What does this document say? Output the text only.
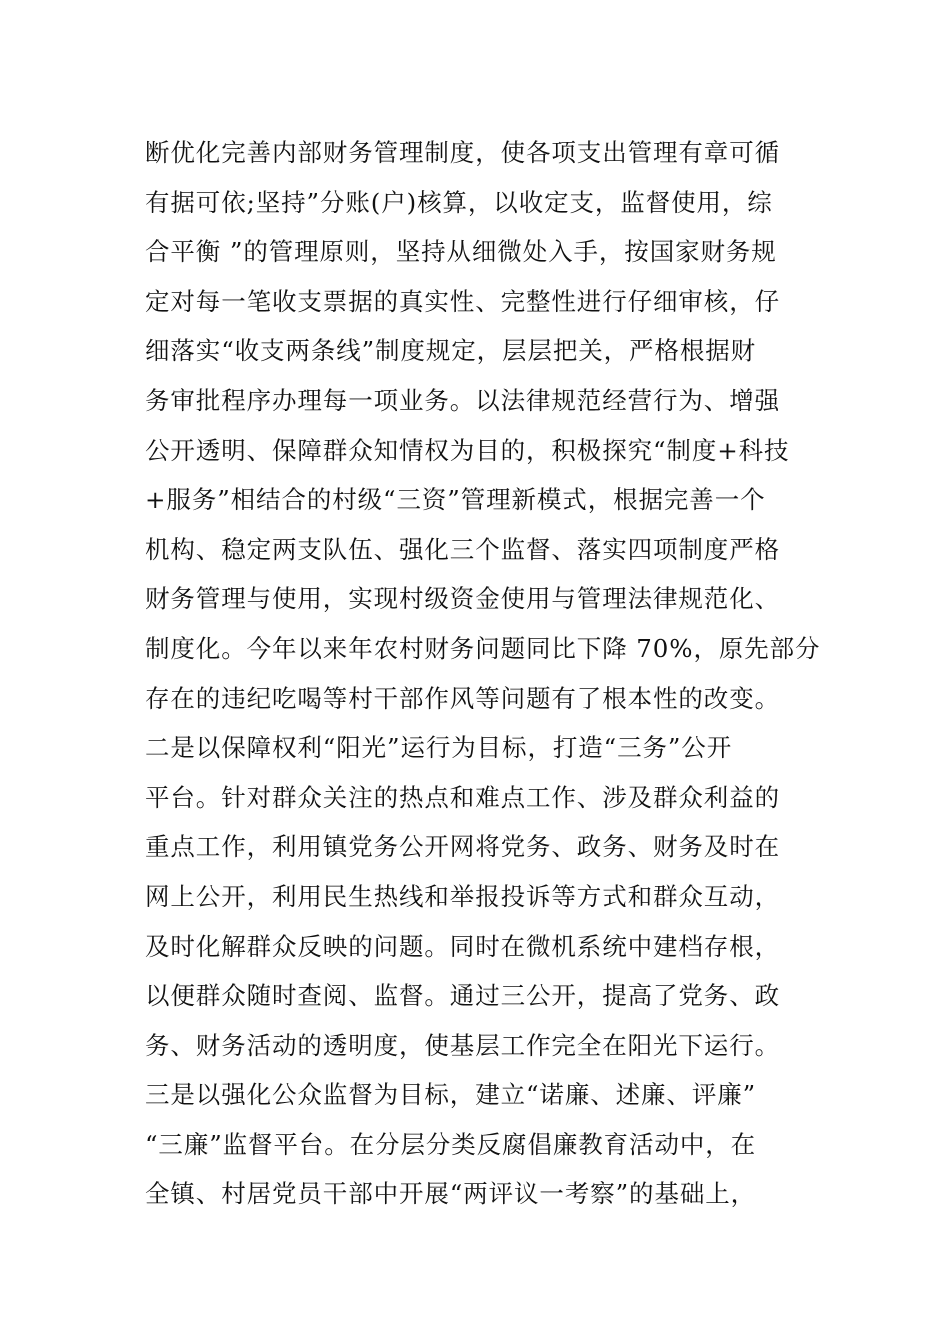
断优化完善内部财务管理制度，使各项支出管理有章可循
有据可依;坚持”分账(户)核算，以收定支，监督使用，综
合平衡 ”的管理原则，坚持从细微处入手，按国家财务规
定对每一笔收支票据的真实性、完整性进行仔细审核，仔
细落实“收支两条线”制度规定，层层把关，严格根据财
务审批程序办理每一项业务。以法律规范经营行为、增强
公开透明、保障群众知情权为目的，积极探究“制度+科技
+服务”相结合的村级“三资”管理新模式，根据完善一个
机构、稳定两支队伍、强化三个监督、落实四项制度严格
财务管理与使用，实现村级资金使用与管理法律规范化、
制度化。今年以来年农村财务问题同比下降 70%，原先部分
存在的违纪吃喝等村干部作风等问题有了根本性的改变。
二是以保障权利“阳光”运行为目标，打造“三务”公开
平台。针对群众关注的热点和难点工作、涉及群众利益的
重点工作，利用镇党务公开网将党务、政务、财务及时在
网上公开，利用民生热线和举报投诉等方式和群众互动，
及时化解群众反映的问题。同时在微机系统中建档存根，
以便群众随时查阅、监督。通过三公开，提高了党务、政
务、财务活动的透明度，使基层工作完全在阳光下运行。
三是以强化公众监督为目标，建立“诺廉、述廉、评廉”
“三廉”监督平台。在分层分类反腐倡廉教育活动中，在
全镇、村居党员干部中开展“两评议一考察”的基础上，
